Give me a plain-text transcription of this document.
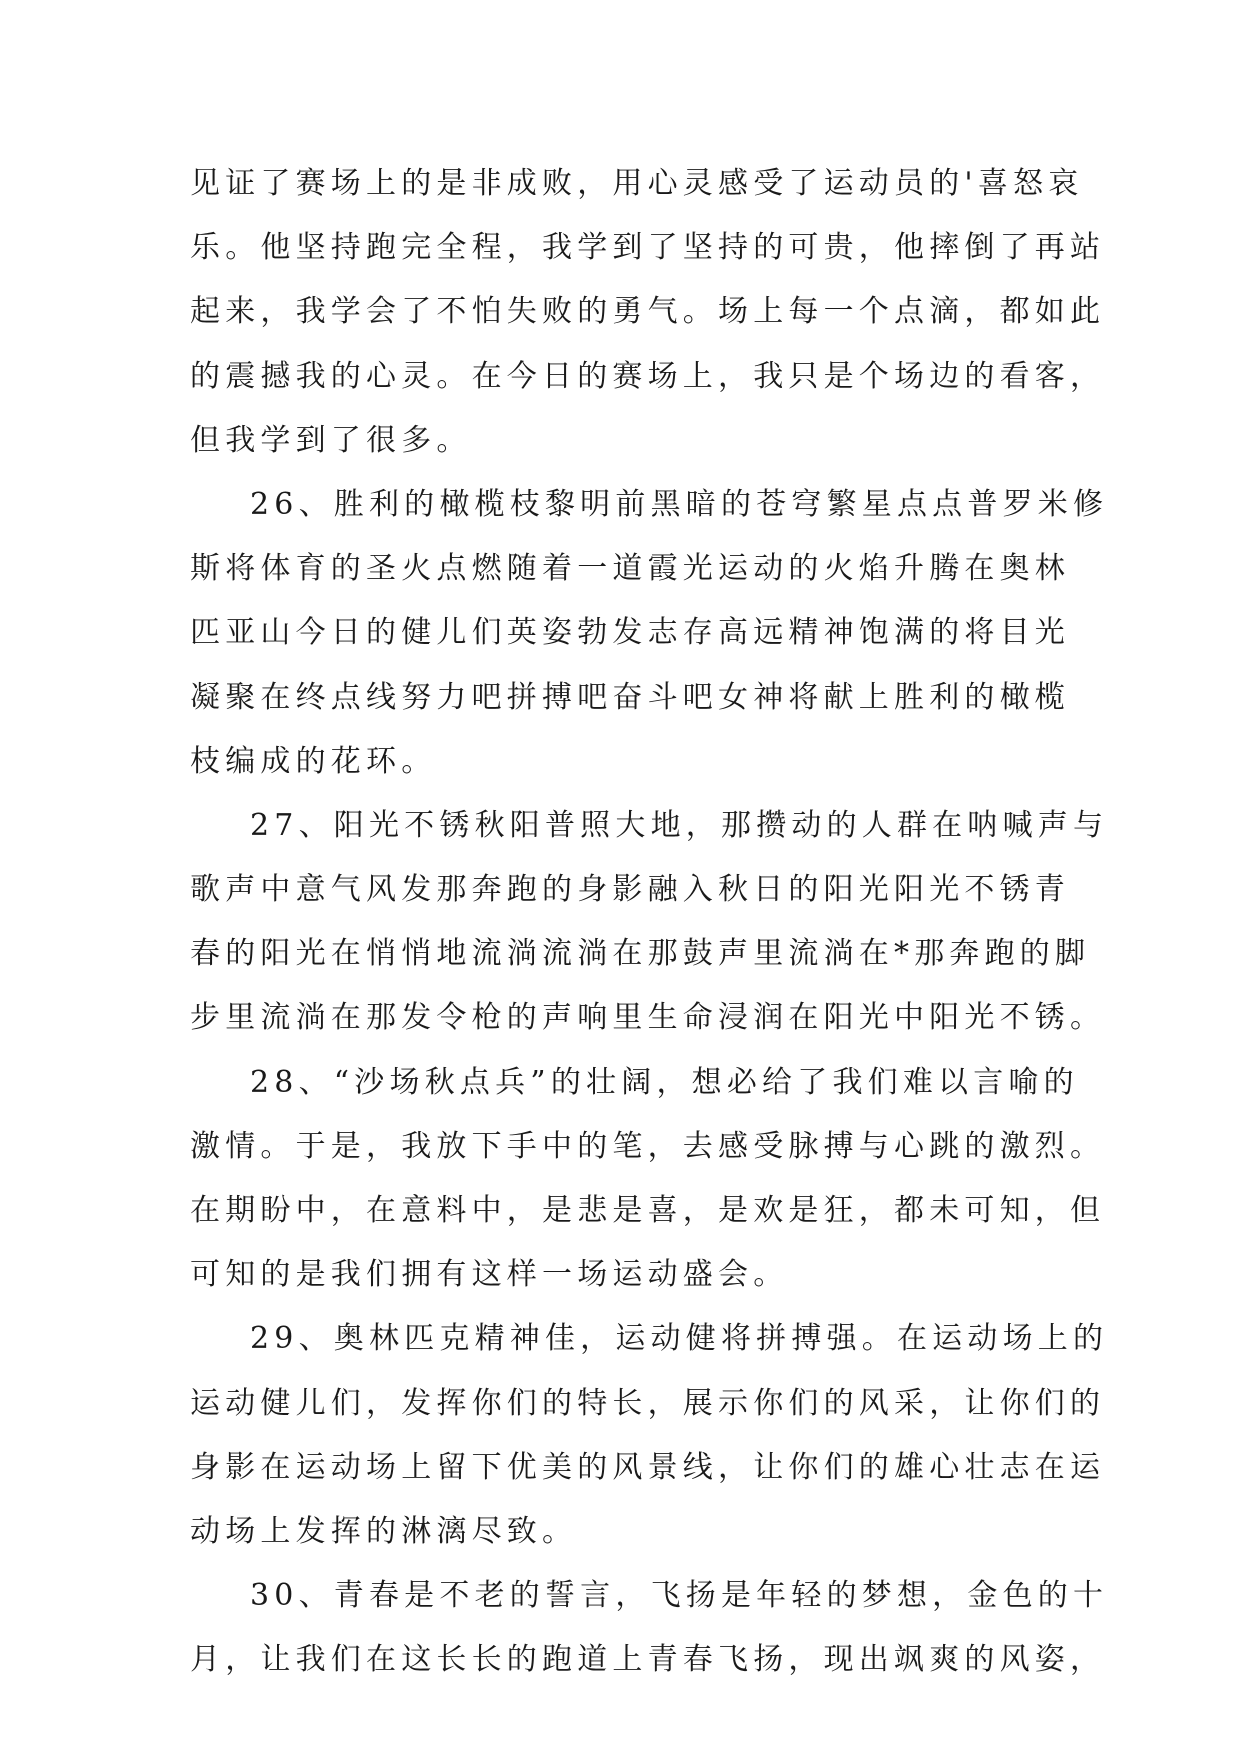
见证了赛场上的是非成败，用心灵感受了运动员的'喜怒哀
乐。他坚持跑完全程，我学到了坚持的可贵，他摔倒了再站
起来，我学会了不怕失败的勇气。场上每一个点滴，都如此
的震撼我的心灵。在今日的赛场上，我只是个场边的看客，
但我学到了很多。
26、胜利的橄榄枝黎明前黑暗的苍穹繁星点点普罗米修
斯将体育的圣火点燃随着一道霞光运动的火焰升腾在奥林
匹亚山今日的健儿们英姿勃发志存高远精神饱满的将目光
凝聚在终点线努力吧拼搏吧奋斗吧女神将献上胜利的橄榄
枝编成的花环。
27、阳光不锈秋阳普照大地，那攒动的人群在呐喊声与
歌声中意气风发那奔跑的身影融入秋日的阳光阳光不锈青
春的阳光在悄悄地流淌流淌在那鼓声里流淌在*那奔跑的脚
步里流淌在那发令枪的声响里生命浸润在阳光中阳光不锈。
28、“沙场秋点兵”的壮阔，想必给了我们难以言喻的
激情。于是，我放下手中的笔，去感受脉搏与心跳的激烈。
在期盼中，在意料中，是悲是喜，是欢是狂，都未可知，但
可知的是我们拥有这样一场运动盛会。
29、奥林匹克精神佳，运动健将拼搏强。在运动场上的
运动健儿们，发挥你们的特长，展示你们的风采，让你们的
身影在运动场上留下优美的风景线，让你们的雄心壮志在运
动场上发挥的淋漓尽致。
30、青春是不老的誓言，飞扬是年轻的梦想，金色的十
月，让我们在这长长的跑道上青春飞扬，现出飒爽的风姿，
